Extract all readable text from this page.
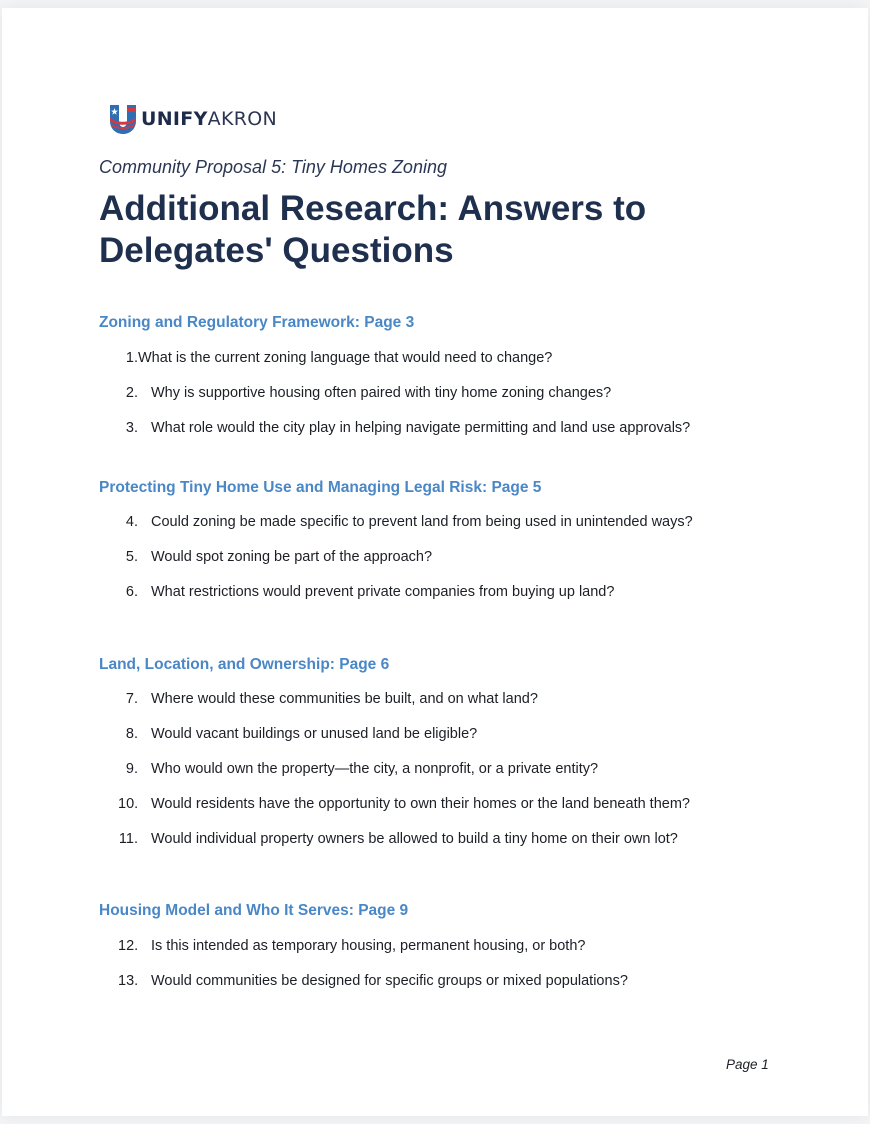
UNIFYAKRON
Community Proposal 5: Tiny Homes Zoning
Additional Research: Answers to Delegates' Questions
Zoning and Regulatory Framework: Page 3
1. What is the current zoning language that would need to change?
2. Why is supportive housing often paired with tiny home zoning changes?
3. What role would the city play in helping navigate permitting and land use approvals?
Protecting Tiny Home Use and Managing Legal Risk: Page 5
4. Could zoning be made specific to prevent land from being used in unintended ways?
5. Would spot zoning be part of the approach?
6. What restrictions would prevent private companies from buying up land?
Land, Location, and Ownership: Page 6
7. Where would these communities be built, and on what land?
8. Would vacant buildings or unused land be eligible?
9. Who would own the property—the city, a nonprofit, or a private entity?
10. Would residents have the opportunity to own their homes or the land beneath them?
11. Would individual property owners be allowed to build a tiny home on their own lot?
Housing Model and Who It Serves: Page 9
12. Is this intended as temporary housing, permanent housing, or both?
13. Would communities be designed for specific groups or mixed populations?
Page 1
